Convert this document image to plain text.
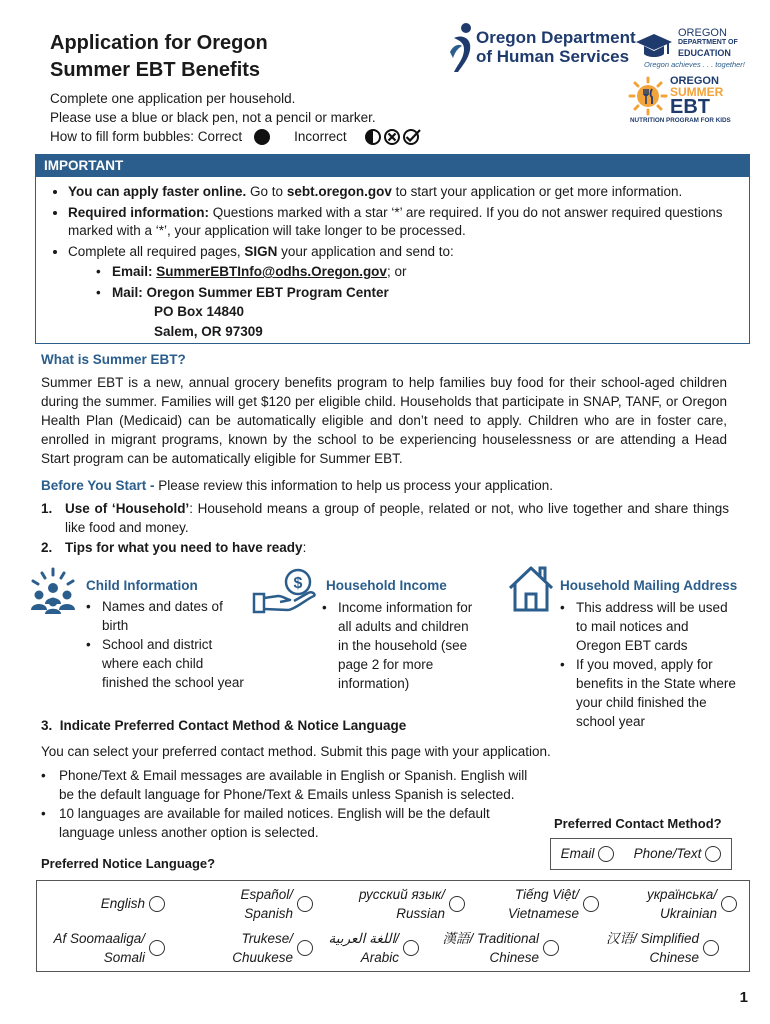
Application for Oregon
Summer EBT Benefits
Complete one application per household.
Please use a blue or black pen, not a pencil or marker.
How to fill form bubbles: Correct	Incorrect
Oregon Department
of Human Services
OREGON
DEPARTMENT OF
EDUCATION
Oregon achieves . . . together!
OREGON
SUMMER
EBT
NUTRITION PROGRAM FOR KIDS
IMPORTANT
• You can apply faster online. Go to sebt.oregon.gov to start your application or get more information.
• Required information: Questions marked with a star ‘*’ are required. If you do not answer required questions marked with a ‘*’, your application will take longer to be processed.
• Complete all required pages, SIGN your application and send to:
• Email: SummerEBTInfo@odhs.Oregon.gov; or
• Mail: Oregon Summer EBT Program Center
PO Box 14840
Salem, OR 97309
What is Summer EBT?
Summer EBT is a new, annual grocery benefits program to help families buy food for their school-aged children during the summer. Families will get $120 per eligible child. Households that participate in SNAP, TANF, or Oregon Health Plan (Medicaid) can be automatically eligible and don’t need to apply. Children who are in foster care, enrolled in migrant programs, known by the school to be experiencing houselessness or are attending a Head Start program can be automatically eligible for Summer EBT.
Before You Start - Please review this information to help us process your application.
1. Use of ‘Household’: Household means a group of people, related or not, who live together and share things like food and money.
2. Tips for what you need to have ready:
$
Child Information
• Names and dates of birth
• School and district where each child finished the school year
Household Income
• Income information for all adults and children in the household (see page 2 for more information)
Household Mailing Address
• This address will be used to mail notices and Oregon EBT cards
• If you moved, apply for benefits in the State where your child finished the school year
3.  Indicate Preferred Contact Method & Notice Language
You can select your preferred contact method. Submit this page with your application.
• Phone/Text & Email messages are available in English or Spanish. English will be the default language for Phone/Text & Emails unless Spanish is selected.
• 10 languages are available for mailed notices. English will be the default language unless another option is selected.
Preferred Contact Method?
Email	Phone/Text
Preferred Notice Language?
English
Español/
Spanish
русский язык/
Russian
Tiếng Việt/
Vietnamese
українська/
Ukrainian
Af Soomaaliga/
Somali
Trukese/
Chuukese
اللغة العربية/
Arabic
漢語/ Traditional
Chinese
汉语/ Simplified
Chinese
1
